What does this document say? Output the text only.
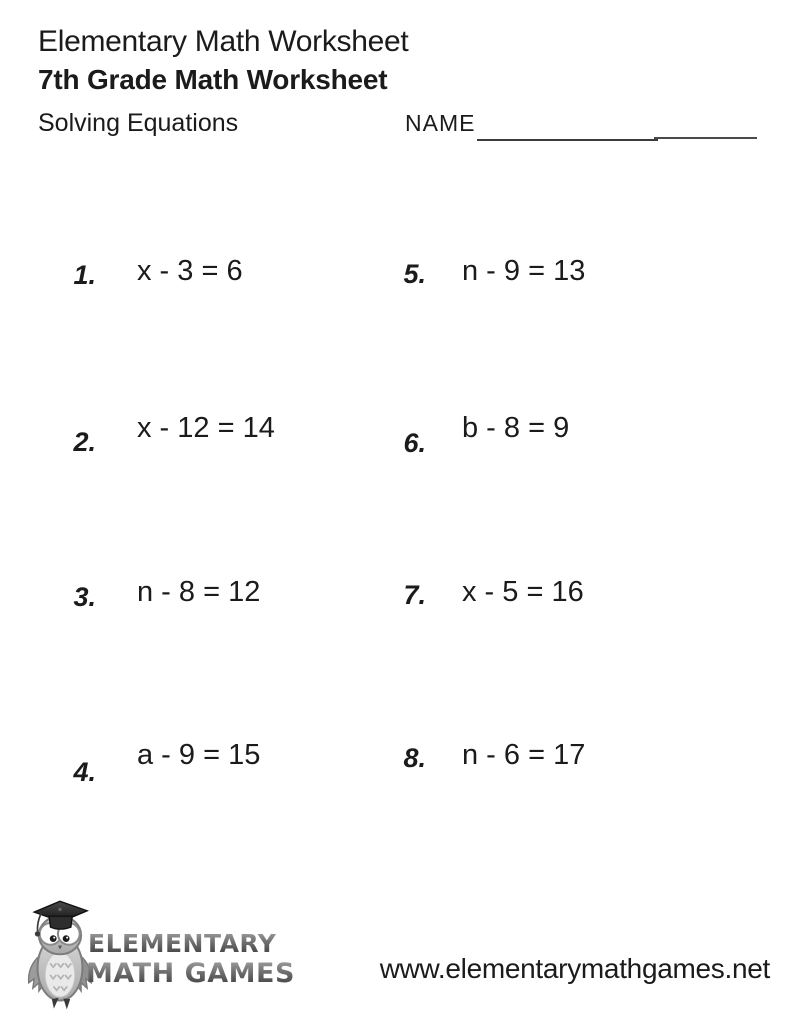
Elementary Math Worksheet
7th Grade Math Worksheet
Solving Equations	NAME
1. x - 3 = 6
2. x - 12 = 14
3. n - 8 = 12
4.
a - 9 = 15
5. n - 9 = 13
6. b - 8 = 9
7. x - 5 = 16
8. n - 6 = 17
ELEMENTARY
MATH GAMES	www.elementarymathgames.net
